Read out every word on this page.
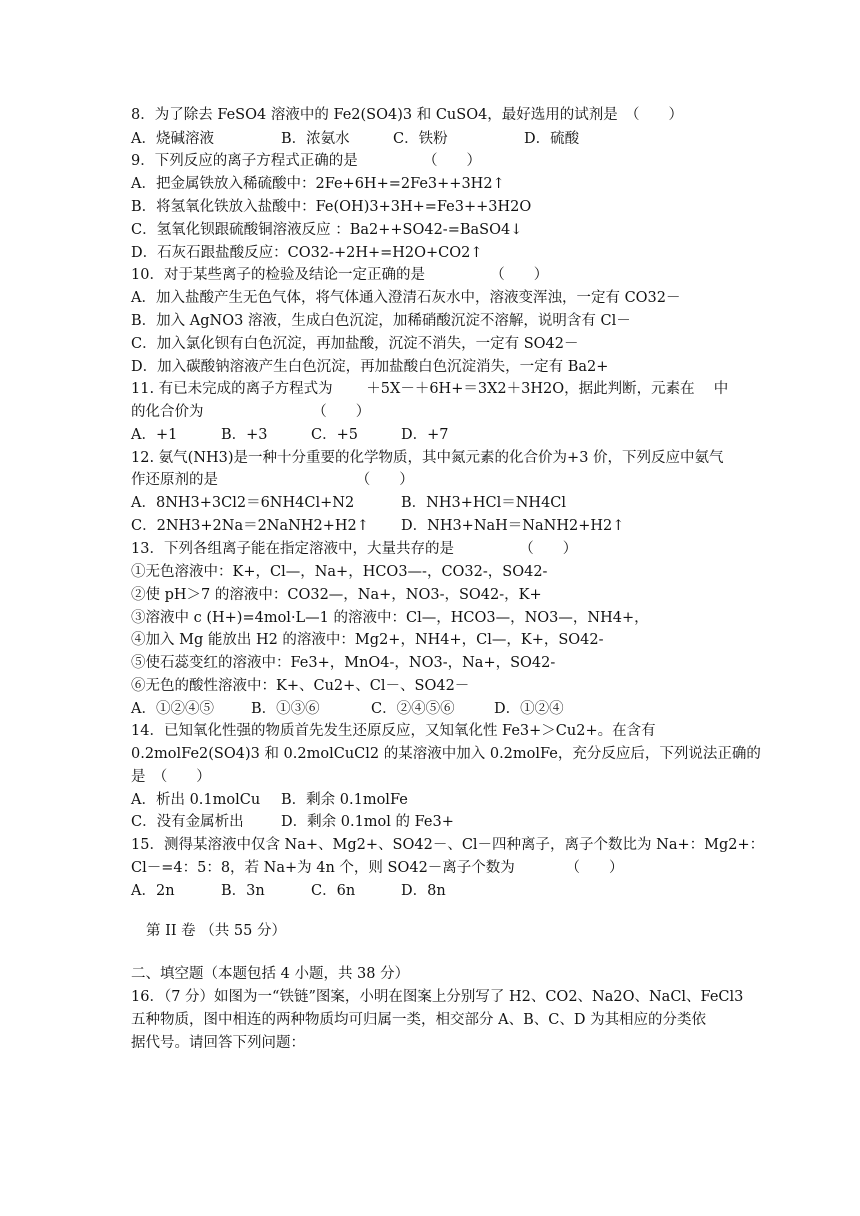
8．为了除去 FeSO4 溶液中的 Fe2(SO4)3 和 CuSO4，最好选用的试剂是　（　　）
A．烧碱溶液	B．浓氨水	C．铁粉	D．硫酸
9．下列反应的离子方程式正确的是　　　　　（　　）
A．把金属铁放入稀硫酸中：2Fe+6H+=2Fe3++3H2↑
B．将氢氧化铁放入盐酸中：Fe(OH)3+3H+=Fe3++3H2O
C．氢氧化钡跟硫酸铜溶液反应 ：Ba2++SO42-=BaSO4↓
D．石灰石跟盐酸反应：CO32-+2H+=H2O+CO2↑
10．对于某些离子的检验及结论一定正确的是　　　　　（　　）
A．加入盐酸产生无色气体，将气体通入澄清石灰水中，溶液变浑浊，一定有 CO32－
B．加入 AgNO3 溶液，生成白色沉淀，加稀硝酸沉淀不溶解，说明含有 Cl－
C．加入氯化钡有白色沉淀，再加盐酸，沉淀不消失，一定有 SO42－
D．加入碳酸钠溶液产生白色沉淀，再加盐酸白色沉淀消失，一定有 Ba2+
11. 有已未完成的离子方程式为　　 ＋5X－＋6H+＝3X2＋3H2O，据此判断，元素在　 中
的化合价为　　　　　　　　（　　）
A．+1	B．+3	C．+5	D．+7
12. 氨气(NH3)是一种十分重要的化学物质，其中氮元素的化合价为+3 价，下列反应中氨气
作还原剂的是　　　　　　　　　　（　　）
A．8NH3+3Cl2＝6NH4Cl+N2	B．NH3+HCl＝NH4Cl
C．2NH3+2Na＝2NaNH2+H2↑ D．NH3+NaH＝NaNH2+H2↑
13．下列各组离子能在指定溶液中，大量共存的是　　　　　（　　）
①无色溶液中：K+，Cl—，Na+，HCO3—-，CO32-，SO42-
②使 pH＞7 的溶液中：CO32—，Na+，NO3-，SO42-，K+
③溶液中 c (H+)=4mol·L—1 的溶液中：Cl—，HCO3—，NO3—，NH4+，
④加入 Mg 能放出 H2 的溶液中：Mg2+，NH4+，Cl—，K+，SO42-
⑤使石蕊变红的溶液中：Fe3+，MnO4-，NO3-，Na+，SO42-
⑥无色的酸性溶液中：K+、Cu2+、Cl－、SO42－
A．①②④⑤	B．①③⑥	C．②④⑤⑥	D．①②④
14．已知氧化性强的物质首先发生还原反应，又知氧化性 Fe3+＞Cu2+。在含有
0.2molFe2(SO4)3 和 0.2molCuCl2 的某溶液中加入 0.2molFe，充分反应后，下列说法正确的
是　（　　）
A．析出 0.1molCu B．剩余 0.1molFe
C．没有金属析出	D．剩余 0.1mol 的 Fe3+
15．测得某溶液中仅含 Na+、Mg2+、SO42－、Cl－四种离子，离子个数比为 Na+：Mg2+：
Cl－=4：5：8，若 Na+为 4n 个，则 SO42－离子个数为　　　　（　　）
A．2n	B．3n	C．6n	D．8n
第 II 卷 （共 55 分）
二、填空题（本题包括 4 小题，共 38 分）
16．（7 分）如图为一“铁链”图案，小明在图案上分别写了 H2、CO2、Na2O、NaCl、FeCl3
五种物质，图中相连的两种物质均可归属一类，相交部分 A、B、C、D 为其相应的分类依
据代号。请回答下列问题：
